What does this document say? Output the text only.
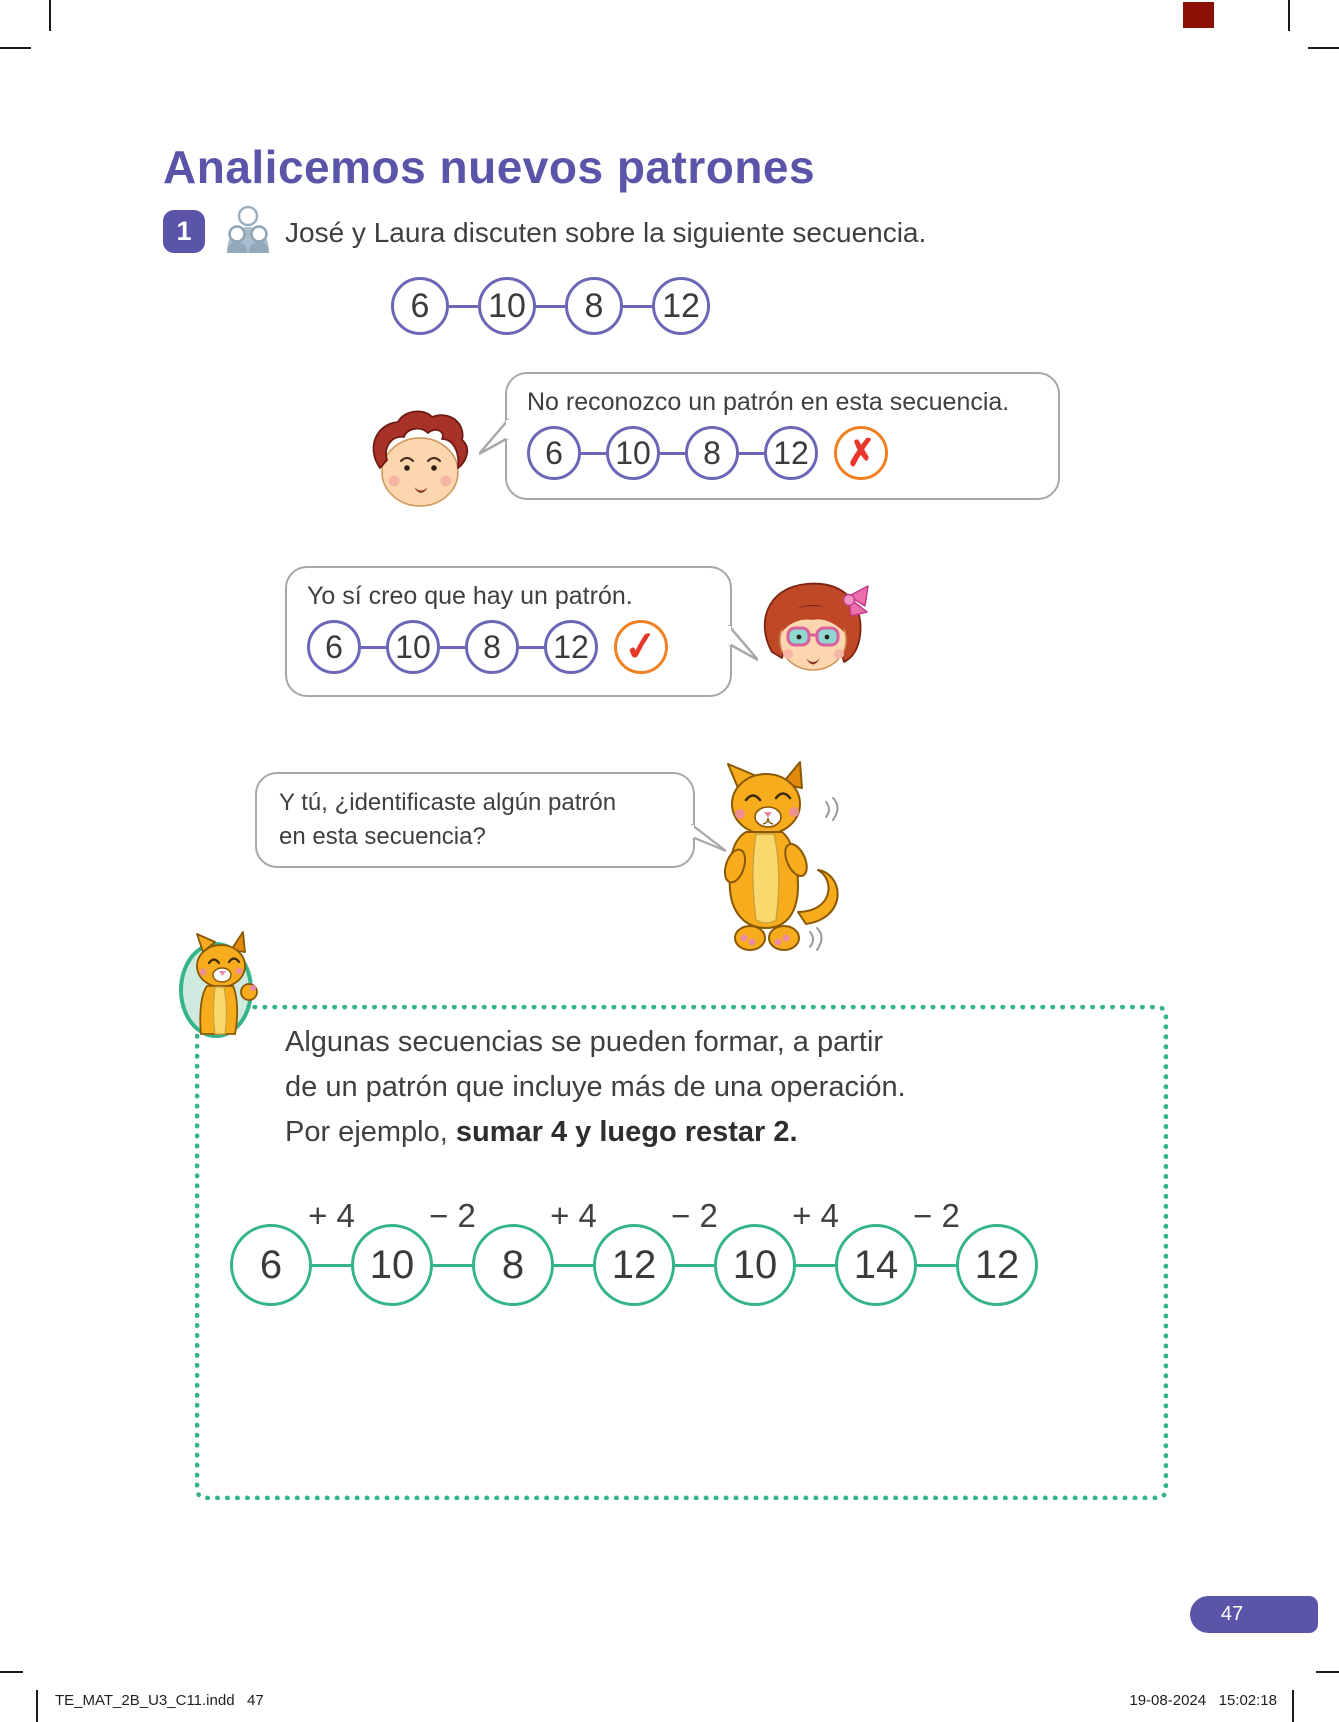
Analicemos nuevos patrones
1	José y Laura discuten sobre la siguiente secuencia.
6	10	8	12

No reconozco un patrón en esta secuencia.

6	10	8	12 ✗

Yo sí creo que hay un patrón.

6	10	8	12 ✓

Y tú, ¿identificaste algún patrón

en esta secuencia?

Algunas secuencias se pueden formar, a partir
de un patrón que incluye más de una operación.
Por ejemplo, sumar 4 y luego restar 2.
6
+ 4
10
− 2
8
+ 4
12
− 2
10
+ 4
14
− 2
12
47
TE_MAT_2B_U3_C11.indd   47	19-08-2024   15:02:18
